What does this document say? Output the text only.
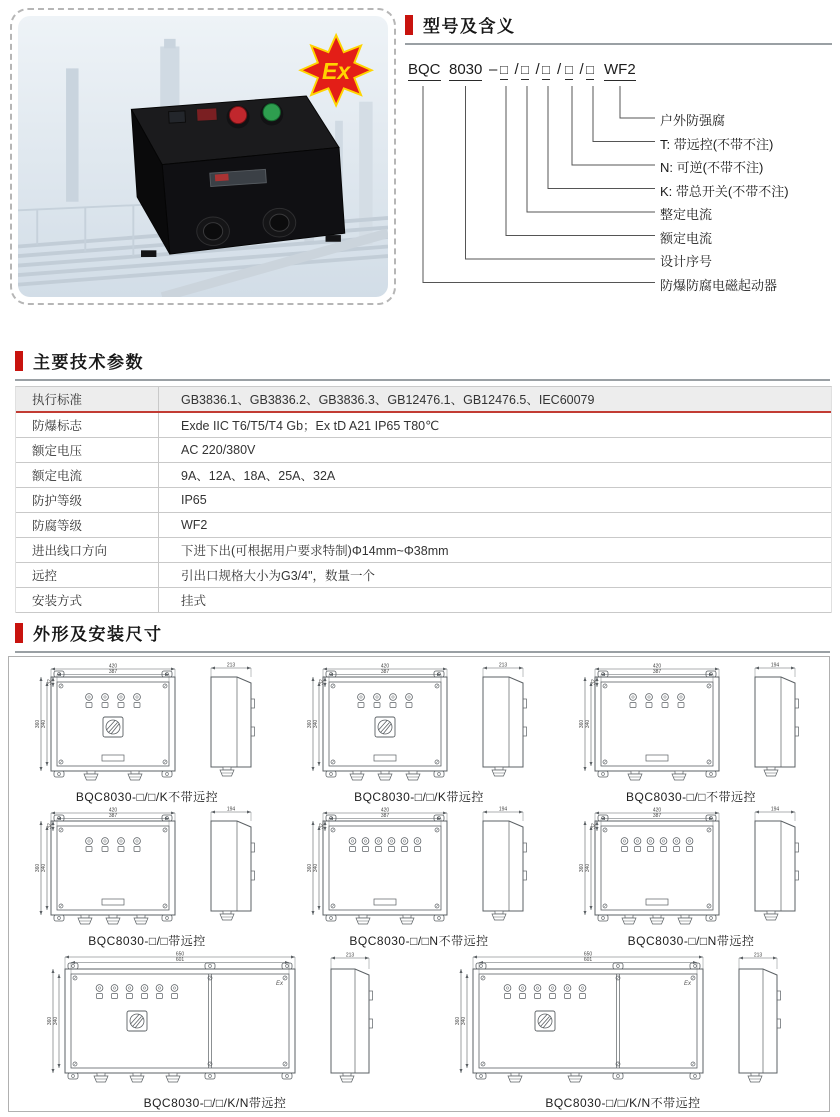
Ex
型号及含义
BQC 8030 – □ / □ / □ / □ / □ WF2
户外防强腐
T: 带远控(不带不注)
N: 可逆(不带不注)
K: 带总开关(不带不注)
整定电流
额定电流
设计序号
防爆防腐电磁起动器
主要技术参数
执行标准	GB3836.1、GB3836.2、GB3836.3、GB12476.1、GB12476.5、IEC60079
防爆标志	Exde IIC T6/T5/T4 Gb；Ex tD A21 IP65 T80℃
额定电压	AC 220/380V
额定电流	9A、12A、18A、25A、32A
防护等级	IP65
防腐等级	WF2
进出线口方向	下进下出(可根据用户要求特制)Φ14mm~Φ38mm
远控	引出口规格大小为G3/4"，数量一个
安装方式	挂式
外形及安装尺寸
420
387
360 340
32
213
BQC8030-□/□/K不带远控
420
387
360 340
32
213
BQC8030-□/□/K带远控
420
387
360 340
32
194
BQC8030-□/□不带远控
420
387
360 340
32
194
BQC8030-□/□带远控
420
387
360 340
32
194
BQC8030-□/□N不带远控
420
387
360 340
32
194
BQC8030-□/□N带远控
Ex
650
601
360 340
213
BQC8030-□/□/K/N带远控
Ex
650
601
360 340
213
BQC8030-□/□/K/N不带远控
